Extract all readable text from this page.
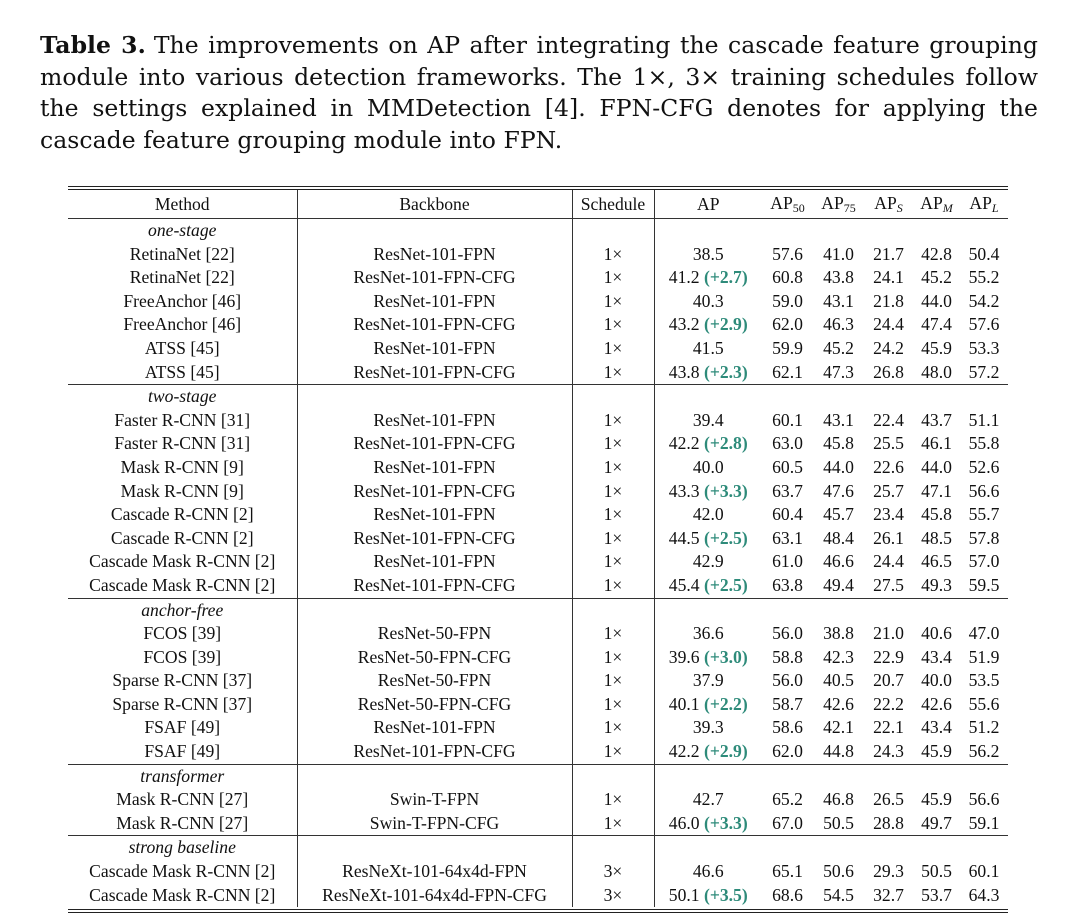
Table 3. The improvements on AP after integrating the cascade feature grouping module into various detection frameworks. The 1×, 3× training schedules follow the settings explained in MMDetection [4]. FPN-CFG denotes for applying the cascade feature grouping module into FPN.
Method	Backbone	Schedule	AP	AP50	AP75	APS	APM	APL
one-stage								
RetinaNet [22]	ResNet-101-FPN	1×	38.5	57.6	41.0	21.7	42.8	50.4
RetinaNet [22]	ResNet-101-FPN-CFG	1×	41.2 (+2.7)	60.8	43.8	24.1	45.2	55.2
FreeAnchor [46]	ResNet-101-FPN	1×	40.3	59.0	43.1	21.8	44.0	54.2
FreeAnchor [46]	ResNet-101-FPN-CFG	1×	43.2 (+2.9)	62.0	46.3	24.4	47.4	57.6
ATSS [45]	ResNet-101-FPN	1×	41.5	59.9	45.2	24.2	45.9	53.3
ATSS [45]	ResNet-101-FPN-CFG	1×	43.8 (+2.3)	62.1	47.3	26.8	48.0	57.2
two-stage								
Faster R-CNN [31]	ResNet-101-FPN	1×	39.4	60.1	43.1	22.4	43.7	51.1
Faster R-CNN [31]	ResNet-101-FPN-CFG	1×	42.2 (+2.8)	63.0	45.8	25.5	46.1	55.8
Mask R-CNN [9]	ResNet-101-FPN	1×	40.0	60.5	44.0	22.6	44.0	52.6
Mask R-CNN [9]	ResNet-101-FPN-CFG	1×	43.3 (+3.3)	63.7	47.6	25.7	47.1	56.6
Cascade R-CNN [2]	ResNet-101-FPN	1×	42.0	60.4	45.7	23.4	45.8	55.7
Cascade R-CNN [2]	ResNet-101-FPN-CFG	1×	44.5 (+2.5)	63.1	48.4	26.1	48.5	57.8
Cascade Mask R-CNN [2]	ResNet-101-FPN	1×	42.9	61.0	46.6	24.4	46.5	57.0
Cascade Mask R-CNN [2]	ResNet-101-FPN-CFG	1×	45.4 (+2.5)	63.8	49.4	27.5	49.3	59.5
anchor-free								
FCOS [39]	ResNet-50-FPN	1×	36.6	56.0	38.8	21.0	40.6	47.0
FCOS [39]	ResNet-50-FPN-CFG	1×	39.6 (+3.0)	58.8	42.3	22.9	43.4	51.9
Sparse R-CNN [37]	ResNet-50-FPN	1×	37.9	56.0	40.5	20.7	40.0	53.5
Sparse R-CNN [37]	ResNet-50-FPN-CFG	1×	40.1 (+2.2)	58.7	42.6	22.2	42.6	55.6
FSAF [49]	ResNet-101-FPN	1×	39.3	58.6	42.1	22.1	43.4	51.2
FSAF [49]	ResNet-101-FPN-CFG	1×	42.2 (+2.9)	62.0	44.8	24.3	45.9	56.2
transformer								
Mask R-CNN [27]	Swin-T-FPN	1×	42.7	65.2	46.8	26.5	45.9	56.6
Mask R-CNN [27]	Swin-T-FPN-CFG	1×	46.0 (+3.3)	67.0	50.5	28.8	49.7	59.1
strong baseline								
Cascade Mask R-CNN [2]	ResNeXt-101-64x4d-FPN	3×	46.6	65.1	50.6	29.3	50.5	60.1
Cascade Mask R-CNN [2]	ResNeXt-101-64x4d-FPN-CFG	3×	50.1 (+3.5)	68.6	54.5	32.7	53.7	64.3
